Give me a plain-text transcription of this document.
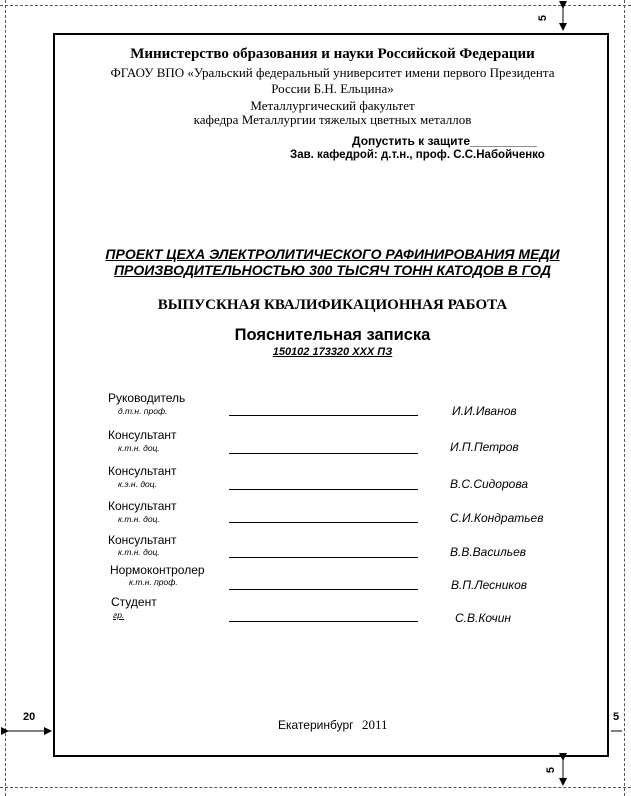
5
5
20	5
Министерство образования и науки Российской Федерации
ФГАОУ ВПО «Уральский федеральный университет имени первого Президента
России Б.Н. Ельцина»
Металлургический факультет
кафедра Металлургии тяжелых цветных металлов
Допустить к защите__________
Зав. кафедрой: д.т.н., проф. С.С.Набойченко
ПРОЕКТ ЦЕХА ЭЛЕКТРОЛИТИЧЕСКОГО РАФИНИРОВАНИЯ МЕДИ
ПРОИЗВОДИТЕЛЬНОСТЬЮ 300 ТЫСЯЧ ТОНН КАТОДОВ В ГОД
ВЫПУСКНАЯ КВАЛИФИКАЦИОННАЯ РАБОТА
Пояснительная записка
150102 173320 XXX ПЗ
Руководитель
д.т.н. проф.	И.И.Иванов
Консультант
к.т.н. доц.	И.П.Петров
Консультант
к.э.н. доц.	В.С.Сидорова
Консультант
к.т.н. доц.	С.И.Кондратьев
Консультант
к.т.н. доц.	В.В.Васильев
Нормоконтролер
к.т.н. проф.	В.П.Лесников
Студент
гр.	С.В.Кочин
Екатеринбург 2011
